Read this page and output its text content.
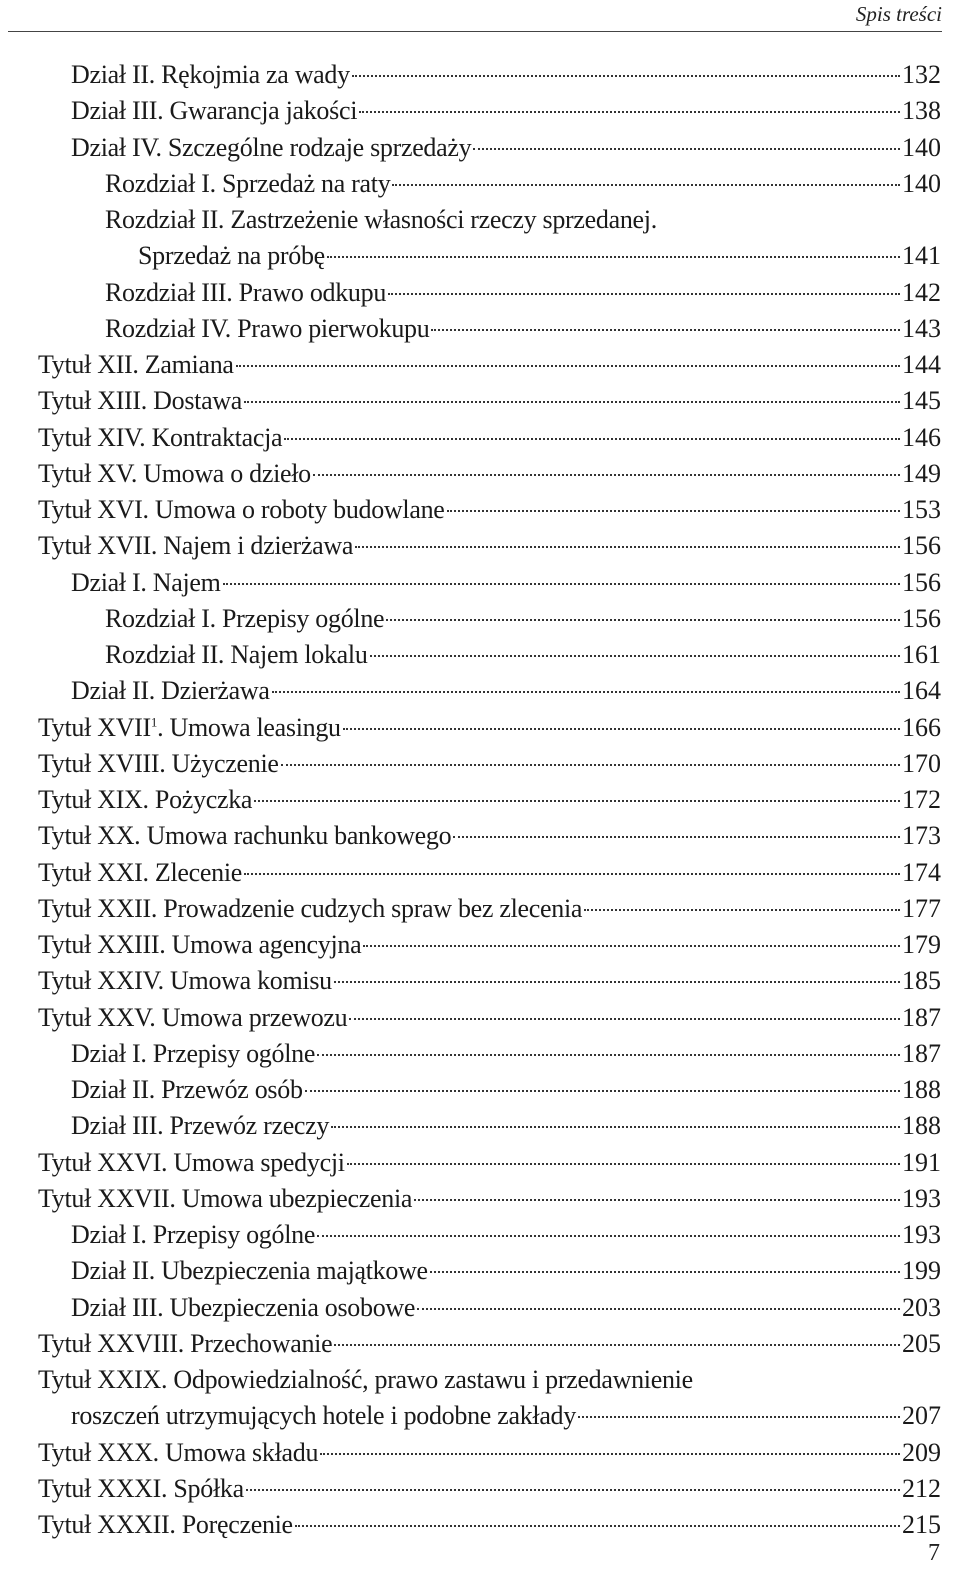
Spis treści
Dział II. Rękojmia za wady	132
Dział III. Gwarancja jakości	138
Dział IV. Szczególne rodzaje sprzedaży	140
Rozdział I. Sprzedaż na raty	140
Rozdział II. Zastrzeżenie własności rzeczy sprzedanej.
Sprzedaż na próbę	141
Rozdział III. Prawo odkupu	142
Rozdział IV. Prawo pierwokupu	143
Tytuł XII. Zamiana	144
Tytuł XIII. Dostawa	145
Tytuł XIV. Kontraktacja	146
Tytuł XV. Umowa o dzieło	149
Tytuł XVI. Umowa o roboty budowlane	153
Tytuł XVII. Najem i dzierżawa	156
Dział I. Najem	156
Rozdział I. Przepisy ogólne	156
Rozdział II. Najem lokalu	161
Dział II. Dzierżawa	164
Tytuł XVII$^1$. Umowa leasingu	166
Tytuł XVIII. Użyczenie	170
Tytuł XIX. Pożyczka	172
Tytuł XX. Umowa rachunku bankowego	173
Tytuł XXI. Zlecenie	174
Tytuł XXII. Prowadzenie cudzych spraw bez zlecenia	177
Tytuł XXIII. Umowa agencyjna	179
Tytuł XXIV. Umowa komisu	185
Tytuł XXV. Umowa przewozu	187
Dział I. Przepisy ogólne	187
Dział II. Przewóz osób	188
Dział III. Przewóz rzeczy	188
Tytuł XXVI. Umowa spedycji	191
Tytuł XXVII. Umowa ubezpieczenia	193
Dział I. Przepisy ogólne	193
Dział II. Ubezpieczenia majątkowe	199
Dział III. Ubezpieczenia osobowe	203
Tytuł XXVIII. Przechowanie	205
Tytuł XXIX. Odpowiedzialność, prawo zastawu i przedawnienie
roszczeń utrzymujących hotele i podobne zakłady	207
Tytuł XXX. Umowa składu	209
Tytuł XXXI. Spółka	212
Tytuł XXXII. Poręczenie	215
7
